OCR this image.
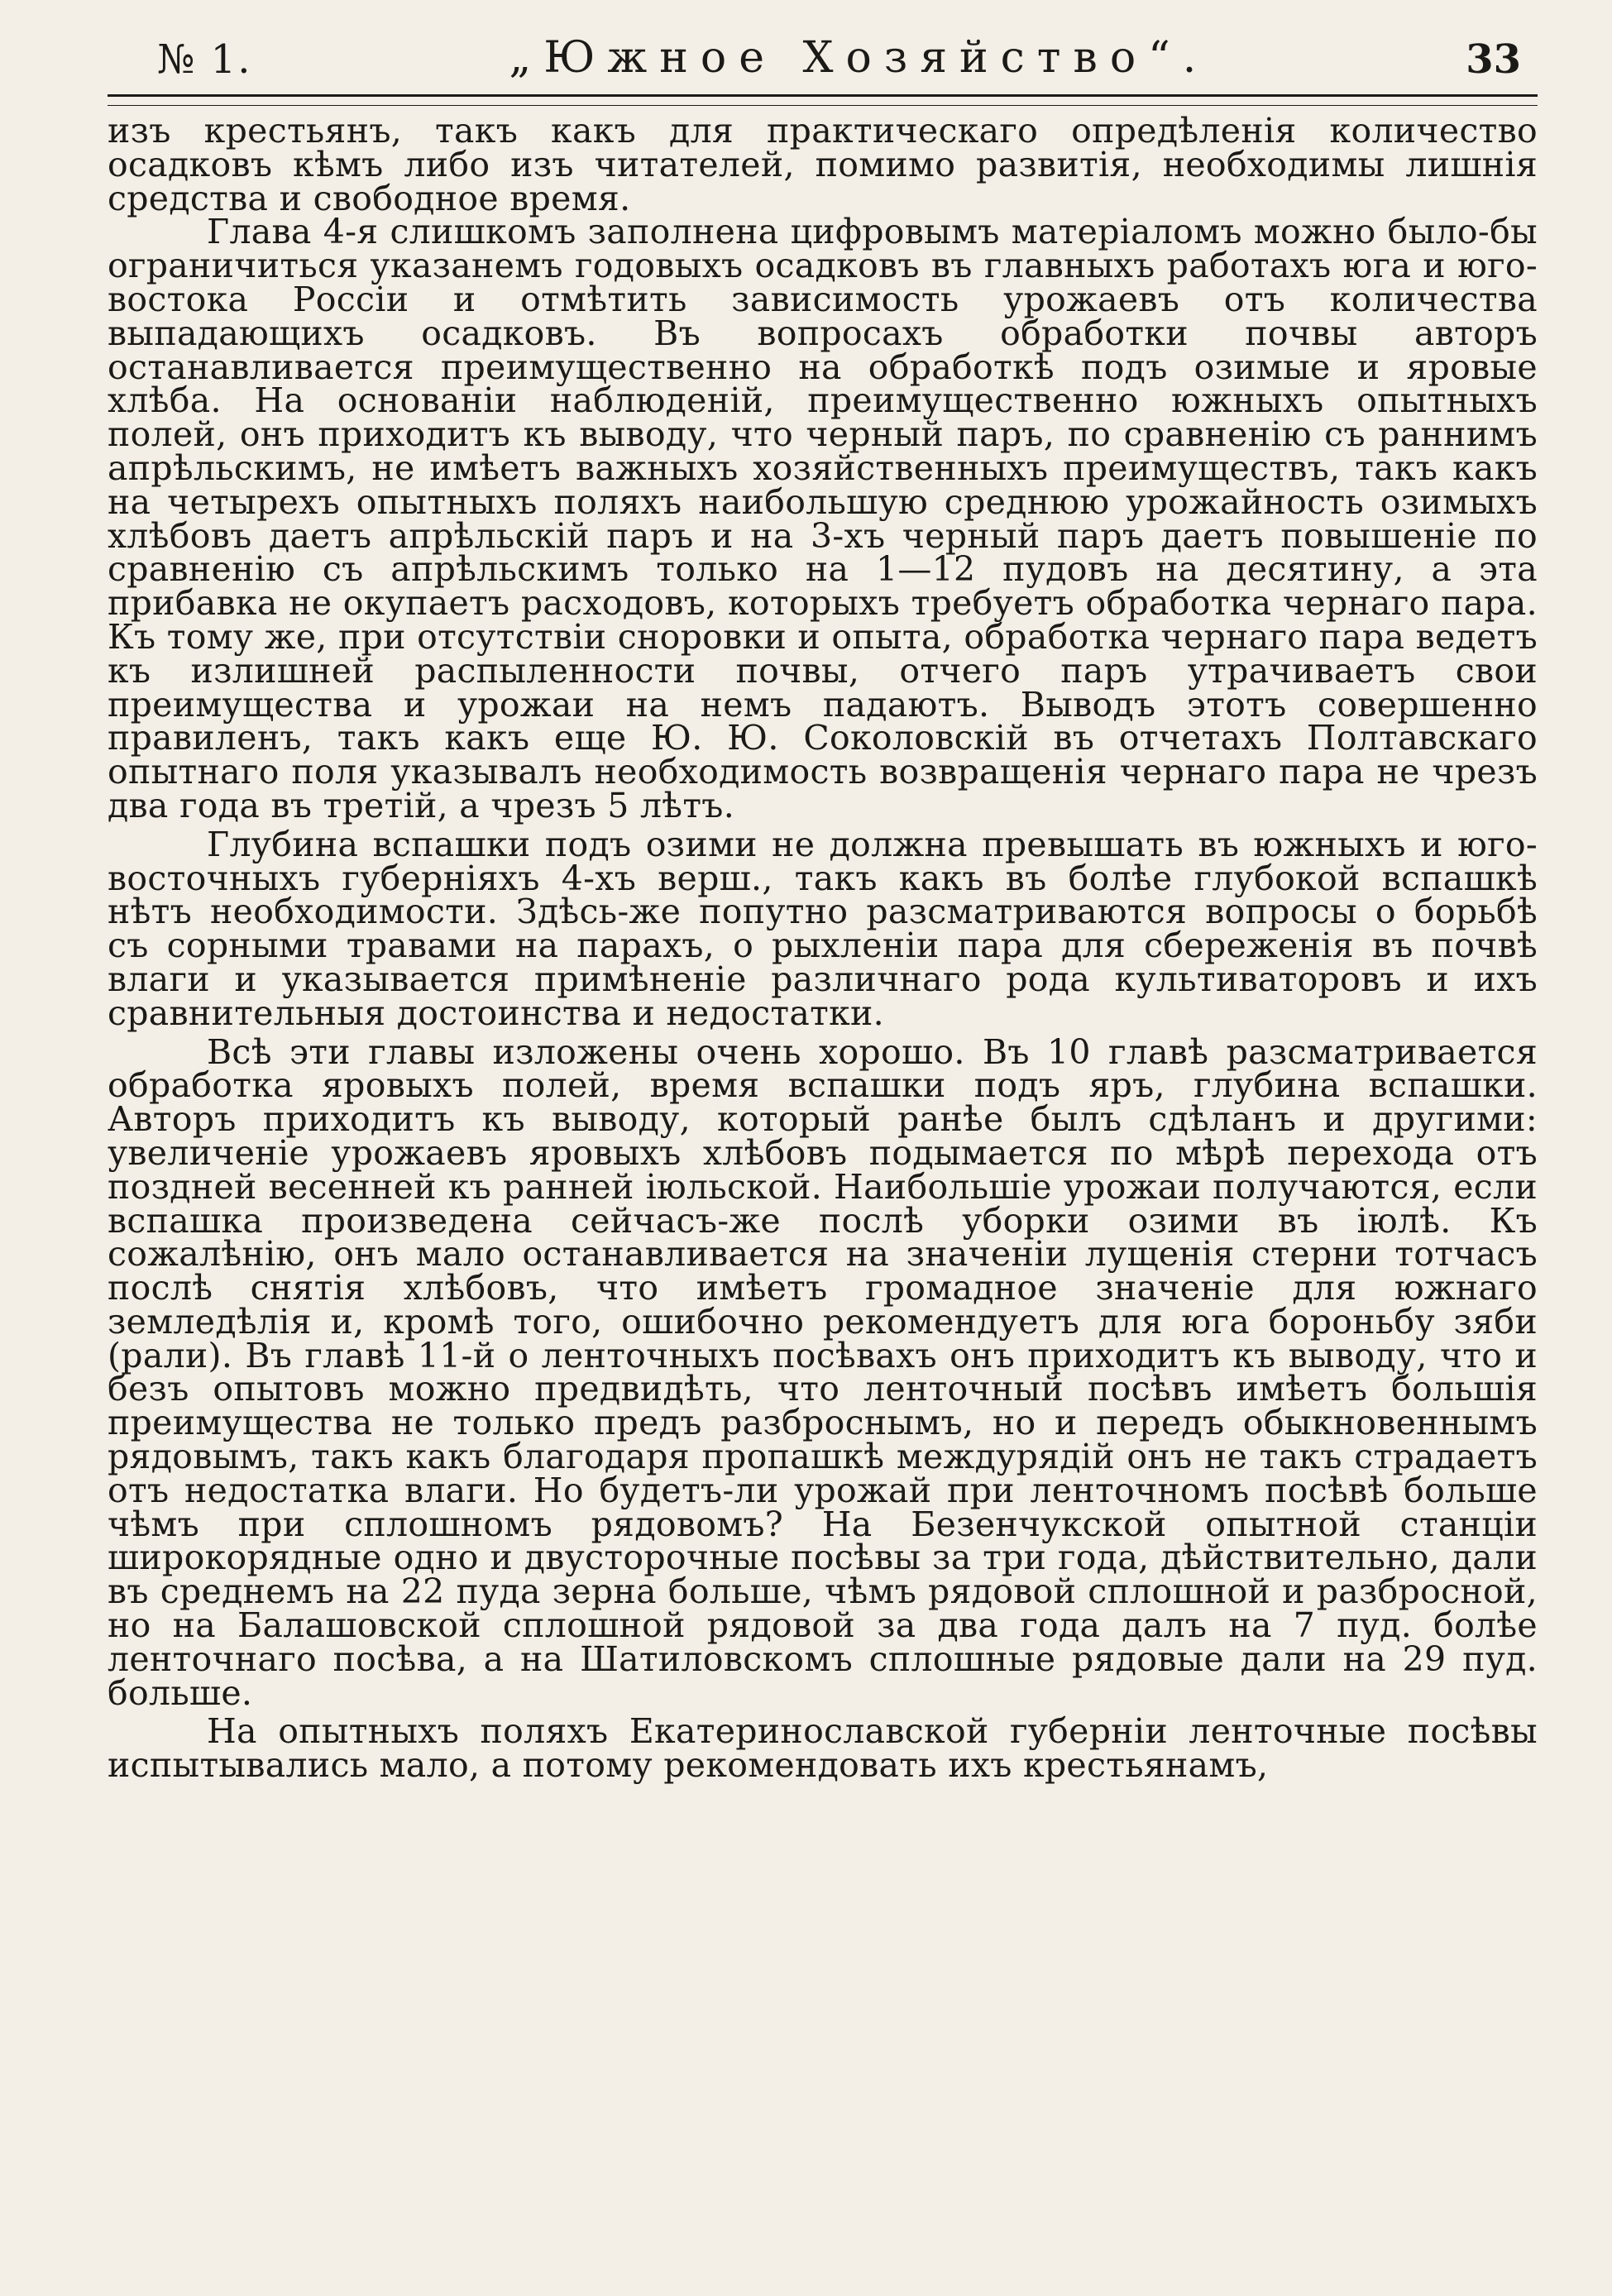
№ 1.	„Южное Хозяйство“.	33

изъ крестьянъ, такъ какъ для практическаго опредѣленія количество осадковъ кѣмъ либо изъ читателей, помимо развитія, необходимы лишнія средства и свободное время.

Глава 4-я слишкомъ заполнена цифровымъ матеріаломъ можно было-бы ограничиться указанемъ годовыхъ осадковъ въ главныхъ работахъ юга и юго-востока Россіи и отмѣтить зависимость урожаевъ отъ количества выпадающихъ осадковъ. Въ вопросахъ обработки почвы авторъ останавливается преимущественно на обработкѣ подъ озимые и яровые хлѣба. На основаніи наблюденій, преимущественно южныхъ опытныхъ полей, онъ приходитъ къ выводу, что черный паръ, по сравненію съ раннимъ апрѣльскимъ, не имѣетъ важныхъ хозяйственныхъ преимуществъ, такъ какъ на четырехъ опытныхъ поляхъ наибольшую среднюю урожайность озимыхъ хлѣбовъ даетъ апрѣльскій паръ и на 3-хъ черный паръ даетъ повышеніе по сравненію съ апрѣльскимъ только на 1—12 пудовъ на десятину, а эта прибавка не окупаетъ расходовъ, которыхъ требуетъ обработка чернаго пара. Къ тому же, при отсутствіи сноровки и опыта, обработка чернаго пара ведетъ къ излишней распыленности почвы, отчего паръ утрачиваетъ свои преимущества и урожаи на немъ падаютъ. Выводъ этотъ совершенно правиленъ, такъ какъ еще Ю. Ю. Соколовскій въ отчетахъ Полтавскаго опытнаго поля указывалъ необходимость возвращенія чернаго пара не чрезъ два года въ третій, а чрезъ 5 лѣтъ.

Глубина вспашки подъ озими не должна превышать въ южныхъ и юго-восточныхъ губерніяхъ 4-хъ верш., такъ какъ въ болѣе глубокой вспашкѣ нѣтъ необходимости. Здѣсь-же попутно разсматриваются вопросы о борьбѣ съ сорными травами на парахъ, о рыхленіи пара для сбереженія въ почвѣ влаги и указывается примѣненіе различнаго рода культиваторовъ и ихъ сравнительныя достоинства и недостатки.

Всѣ эти главы изложены очень хорошо. Въ 10 главѣ разсматривается обработка яровыхъ полей, время вспашки подъ яръ, глубина вспашки. Авторъ приходитъ къ выводу, который ранѣе былъ сдѣланъ и другими: увеличеніе урожаевъ яровыхъ хлѣбовъ подымается по мѣрѣ перехода отъ поздней весенней къ ранней іюльской. Наибольшіе урожаи получаются, если вспашка произведена сейчасъ-же послѣ уборки озими въ іюлѣ. Къ сожалѣнію, онъ мало останавливается на значеніи лущенія стерни тотчасъ послѣ снятія хлѣбовъ, что имѣетъ громадное значеніе для южнаго земледѣлія и, кромѣ того, ошибочно рекомендуетъ для юга бороньбу зяби (рали). Въ главѣ 11-й о ленточныхъ посѣвахъ онъ приходитъ къ выводу, что и безъ опытовъ можно предвидѣть, что ленточный посѣвъ имѣетъ большія преимущества не только предъ разброснымъ, но и передъ обыкновеннымъ рядовымъ, такъ какъ благодаря пропашкѣ междурядій онъ не такъ страдаетъ отъ недостатка влаги. Но будетъ-ли урожай при ленточномъ посѣвѣ больше чѣмъ при сплошномъ рядовомъ? На Безенчукской опытной станціи широкорядные одно и двусторочные посѣвы за три года, дѣйствительно, дали въ среднемъ на 22 пуда зерна больше, чѣмъ рядовой сплошной и разбросной, но на Балашовской сплошной рядовой за два года далъ на 7 пуд. болѣе ленточнаго посѣва, а на Шатиловскомъ сплошные рядовые дали на 29 пуд. больше.

На опытныхъ поляхъ Екатеринославской губерніи ленточные посѣвы испытывались мало, а потому рекомендовать ихъ крестьянамъ,
